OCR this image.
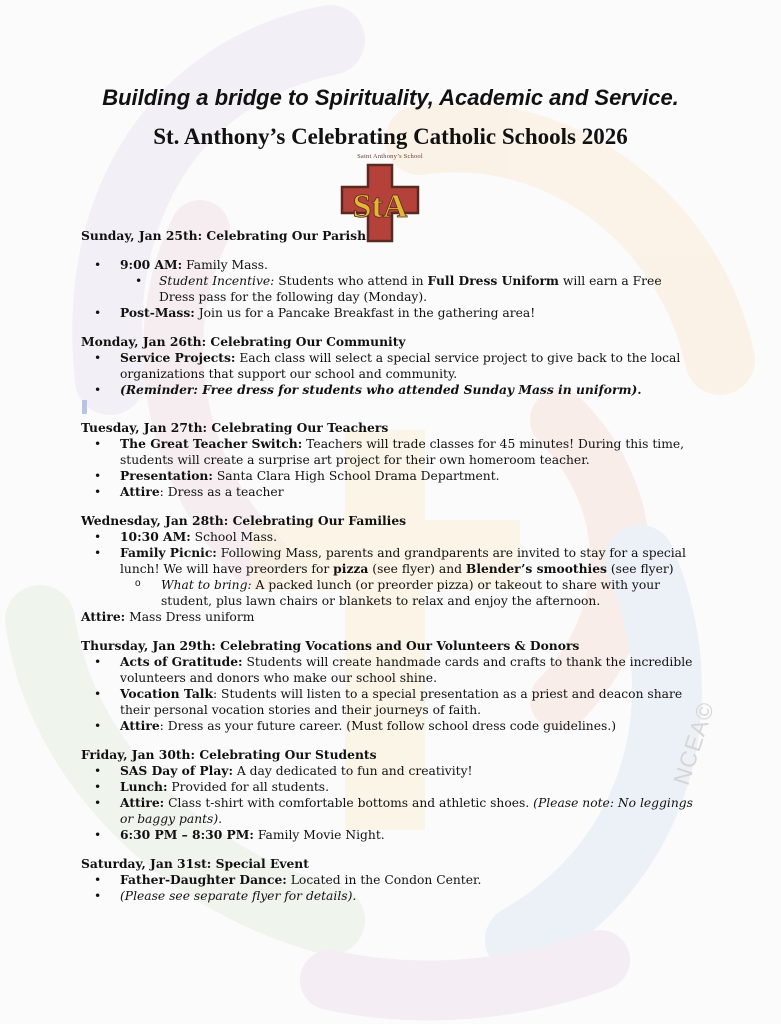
Building a bridge to Spirituality, Academic and Service.
St. Anthony’s Celebrating Catholic Schools 2026
Saint Anthony’s School
StA

Sunday, Jan 25th: Celebrating Our Parish

• 9:00 AM: Family Mass.
• Student Incentive: Students who attend in Full Dress Uniform will earn a Free Dress pass for the following day (Monday).
• Post-Mass: Join us for a Pancake Breakfast in the gathering area!

Monday, Jan 26th: Celebrating Our Community

• Service Projects: Each class will select a special service project to give back to the local organizations that support our school and community.
• (Reminder: Free dress for students who attended Sunday Mass in uniform).

Tuesday, Jan 27th: Celebrating Our Teachers

• The Great Teacher Switch: Teachers will trade classes for 45 minutes! During this time, students will create a surprise art project for their own homeroom teacher.
• Presentation: Santa Clara High School Drama Department.
• Attire: Dress as a teacher

Wednesday, Jan 28th: Celebrating Our Families

• 10:30 AM: School Mass.
• Family Picnic: Following Mass, parents and grandparents are invited to stay for a special lunch! We will have preorders for pizza (see flyer) and Blender’s smoothies (see flyer)
o What to bring: A packed lunch (or preorder pizza) or takeout to share with your student, plus lawn chairs or blankets to relax and enjoy the afternoon.

Attire: Mass Dress uniform

Thursday, Jan 29th: Celebrating Vocations and Our Volunteers & Donors

• Acts of Gratitude: Students will create handmade cards and crafts to thank the incredible volunteers and donors who make our school shine.
• Vocation Talk: Students will listen to a special presentation as a priest and deacon share their personal vocation stories and their journeys of faith.
• Attire: Dress as your future career. (Must follow school dress code guidelines.)

Friday, Jan 30th: Celebrating Our Students

• SAS Day of Play: A day dedicated to fun and creativity!
• Lunch: Provided for all students.
• Attire: Class t-shirt with comfortable bottoms and athletic shoes. (Please note: No leggings or baggy pants).
• 6:30 PM – 8:30 PM: Family Movie Night.

Saturday, Jan 31st: Special Event

• Father-Daughter Dance: Located in the Condon Center.
• (Please see separate flyer for details).
NCEA©
